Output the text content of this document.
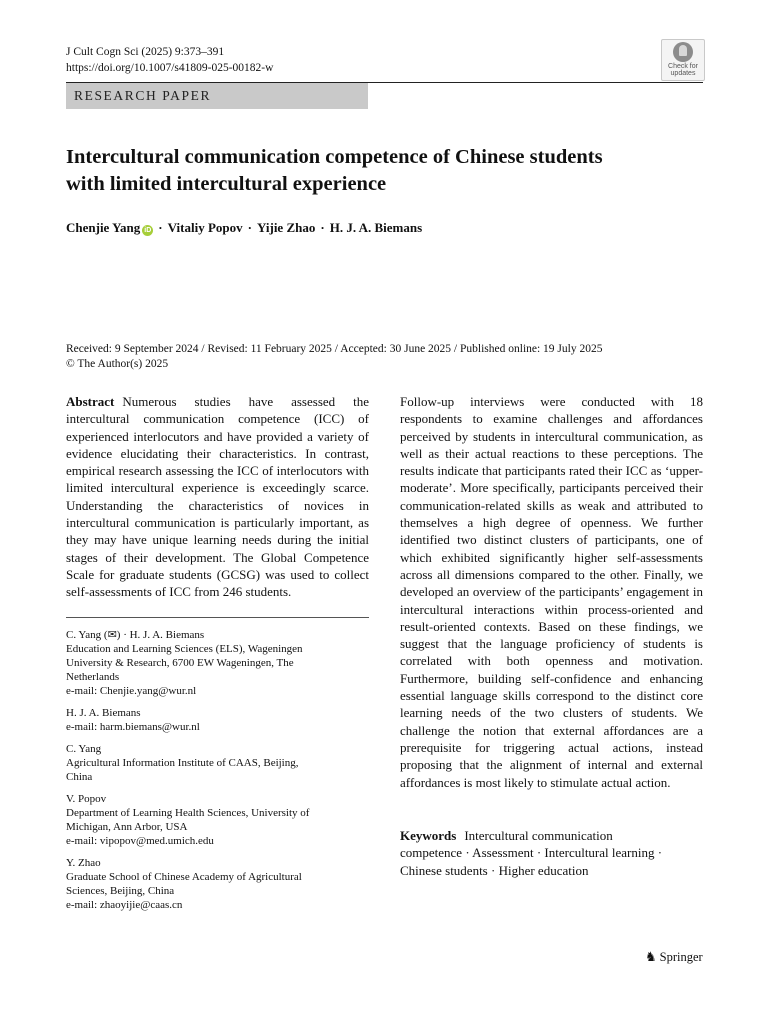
J Cult Cogn Sci (2025) 9:373–391
https://doi.org/10.1007/s41809-025-00182-w	Check for updates
RESEARCH PAPER
Intercultural communication competence of Chinese students
with limited intercultural experience
Chenjie Yang iD · Vitaliy Popov · Yijie Zhao · H. J. A. Biemans
Received: 9 September 2024 / Revised: 11 February 2025 / Accepted: 30 June 2025 / Published online: 19 July 2025
© The Author(s) 2025
Abstract Numerous studies have assessed the intercultural communication competence (ICC) of experienced interlocutors and have provided a variety of evidence elucidating their characteristics. In contrast, empirical research assessing the ICC of interlocutors with limited intercultural experience is exceedingly scarce. Understanding the characteristics of novices in intercultural communication is particularly important, as they may have unique learning needs during the initial stages of their development. The Global Competence Scale for graduate students (GCSG) was used to collect self-assessments of ICC from 246 students.
Follow-up interviews were conducted with 18 respondents to examine challenges and affordances perceived by students in intercultural communication, as well as their actual reactions to these perceptions. The results indicate that participants rated their ICC as ‘upper-moderate’. More specifically, participants perceived their communication-related skills as weak and attributed to themselves a high degree of openness. We further identified two distinct clusters of participants, one of which exhibited significantly higher self-assessments across all dimensions compared to the other. Finally, we developed an overview of the participants’ engagement in intercultural interactions within process-oriented and result-oriented contexts. Based on these findings, we suggest that the language proficiency of students is correlated with both openness and motivation. Furthermore, building self-confidence and enhancing essential language skills correspond to the distinct core learning needs of the two clusters of students. We challenge the notion that external affordances are a prerequisite for triggering actual actions, instead proposing that the alignment of internal and external affordances is most likely to stimulate actual action.
C. Yang (✉) · H. J. A. Biemans
Education and Learning Sciences (ELS), Wageningen
University & Research, 6700 EW Wageningen, The
Netherlands
e-mail: Chenjie.yang@wur.nl
H. J. A. Biemans
e-mail: harm.biemans@wur.nl
C. Yang
Agricultural Information Institute of CAAS, Beijing,
China
V. Popov
Department of Learning Health Sciences, University of
Michigan, Ann Arbor, USA
e-mail: vipopov@med.umich.edu
Y. Zhao
Graduate School of Chinese Academy of Agricultural
Sciences, Beijing, China
e-mail: zhaoyijie@caas.cn
Keywords Intercultural communication
competence · Assessment · Intercultural learning ·
Chinese students · Higher education
♞ Springer
